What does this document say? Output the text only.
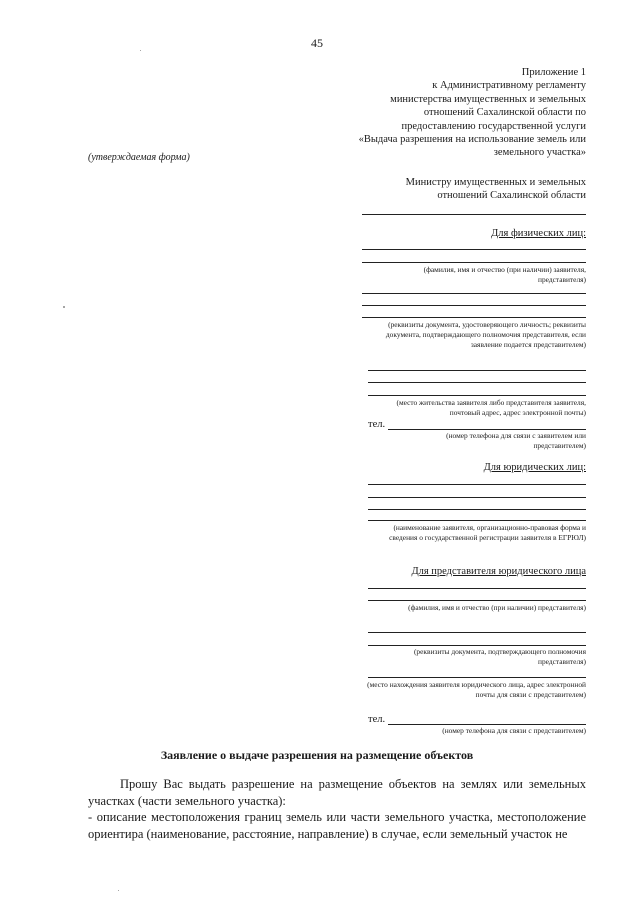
45
Приложение 1
к Административному регламенту
министерства имущественных и земельных
отношений Сахалинской области по
предоставлению государственной услуги
«Выдача разрешения на использование земель или
земельного участка»
(утверждаемая форма)
Министру имущественных и земельных
отношений Сахалинской области
Для физических лиц:
(фамилия, имя и отчество (при наличии) заявителя, представителя)
(реквизиты документа, удостоверяющего личность; реквизиты документа, подтверждающего полномочия представителя, если заявление подается представителем)
(место жительства заявителя либо представителя заявителя, почтовый адрес, адрес электронной почты)
тел.
(номер телефона для связи с заявителем или представителем)
Для юридических лиц:
(наименование заявителя, организационно-правовая форма и сведения о государственной регистрации заявителя в ЕГРЮЛ)
Для представителя юридического лица
(фамилия, имя и отчество (при наличии) представителя)
(реквизиты документа, подтверждающего полномочия представителя)
(место нахождения заявителя юридического лица, адрес электронной почты для связи с представителем)
тел.
(номер телефона для связи с представителем)
Заявление о выдаче разрешения на размещение объектов

Прошу Вас выдать разрешение на размещение объектов на землях или земельных участках (части земельного участка):

- описание местоположения границ земель или части земельного участка, местоположение ориентира (наименование, расстояние, направление) в случае, если земельный участок не
